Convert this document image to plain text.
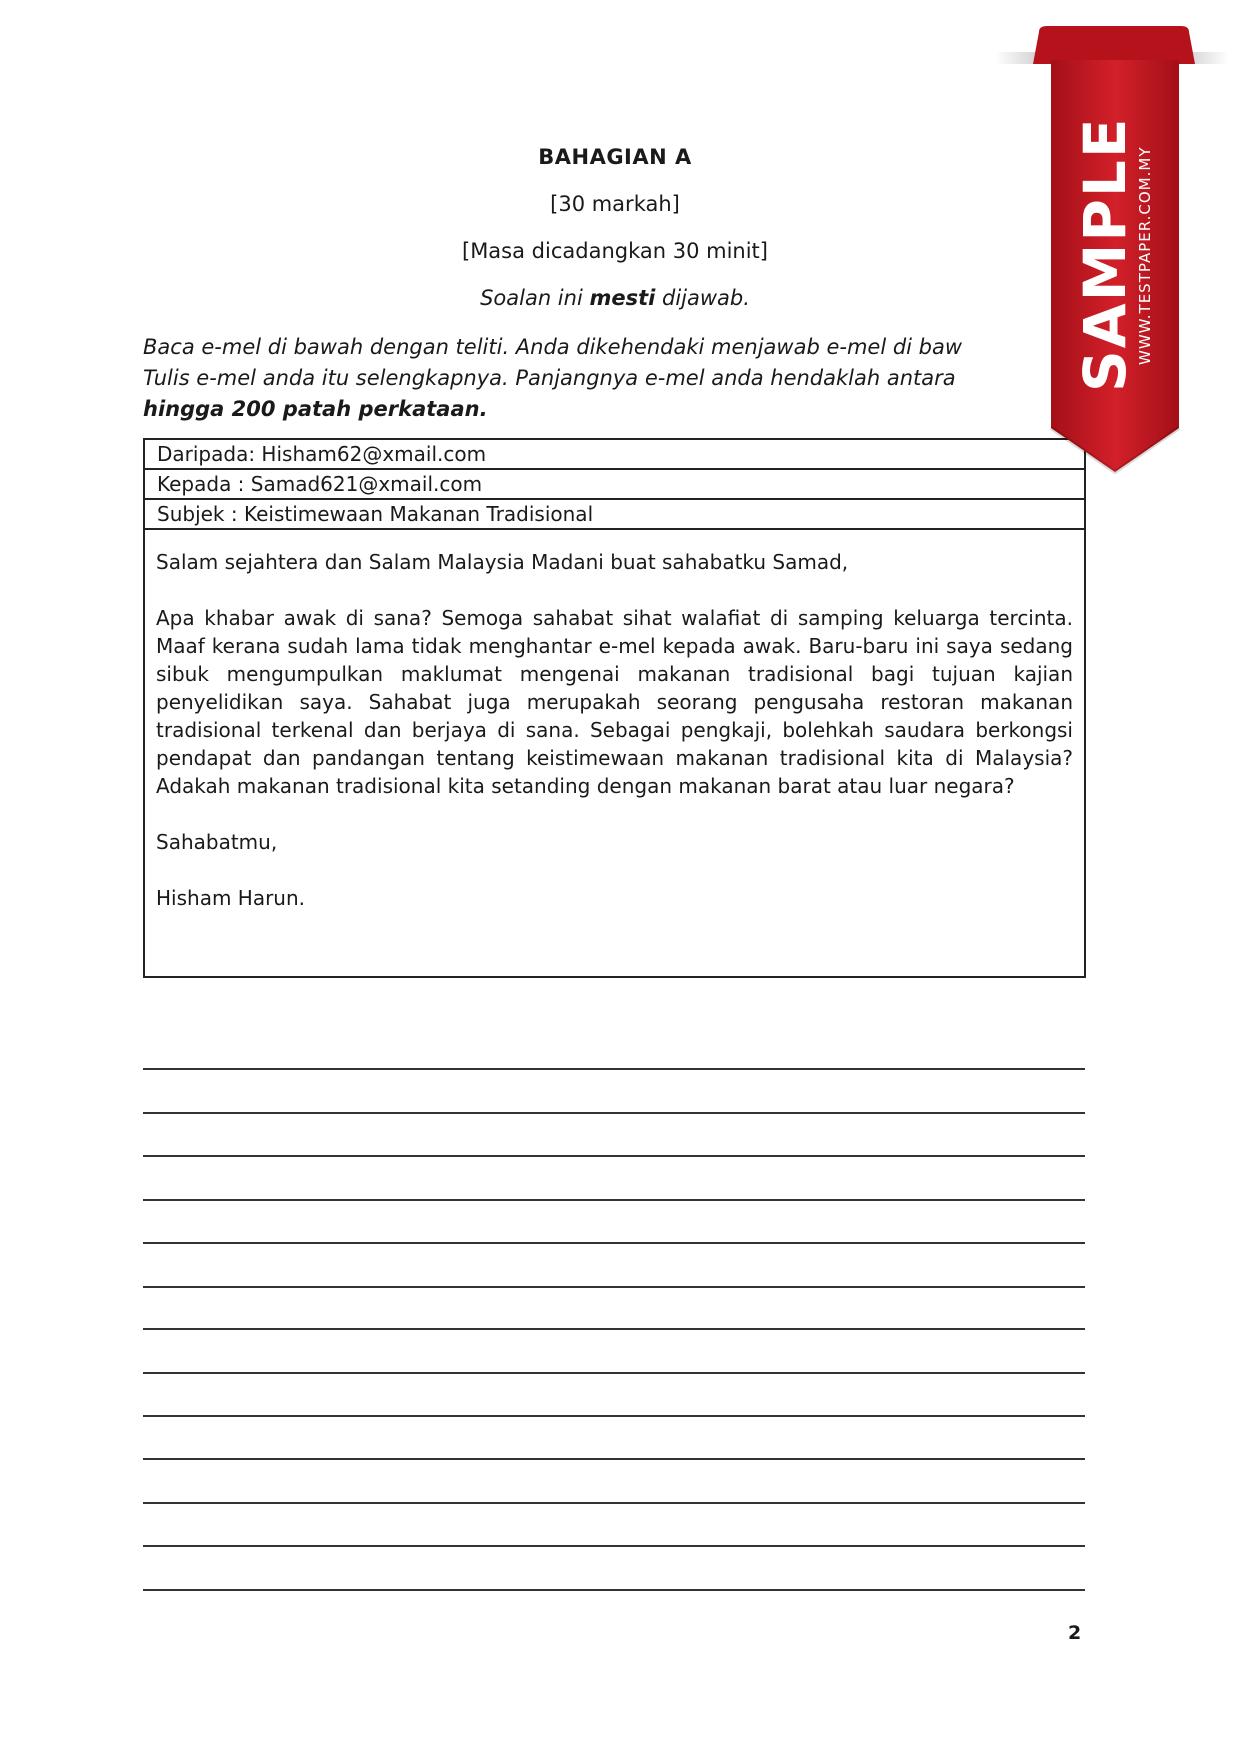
BAHAGIAN A
[30 markah]
[Masa dicadangkan 30 minit]
Soalan ini mesti dijawab.
Baca e-mel di bawah dengan teliti. Anda dikehendaki menjawab e-mel di baw
Tulis e-mel anda itu selengkapnya. Panjangnya e-mel anda hendaklah antara
hingga 200 patah perkataan.
Daripada: Hisham62@xmail.com
Kepada : Samad621@xmail.com
Subjek : Keistimewaan Makanan Tradisional

Salam sejahtera dan Salam Malaysia Madani buat sahabatku Samad,

Apa khabar awak di sana? Semoga sahabat sihat walafiat di samping keluarga tercinta. Maaf kerana sudah lama tidak menghantar e-mel kepada awak. Baru-baru ini saya sedang sibuk mengumpulkan maklumat mengenai makanan tradisional bagi tujuan kajian penyelidikan saya. Sahabat juga merupakah seorang pengusaha restoran makanan tradisional terkenal dan berjaya di sana. Sebagai pengkaji, bolehkah saudara berkongsi pendapat dan pandangan tentang keistimewaan makanan tradisional kita di Malaysia? Adakah makanan tradisional kita setanding dengan makanan barat atau luar negara?

Sahabatmu,

Hisham Harun.

2
SAMPLE
WWW.TESTPAPER.COM.MY
